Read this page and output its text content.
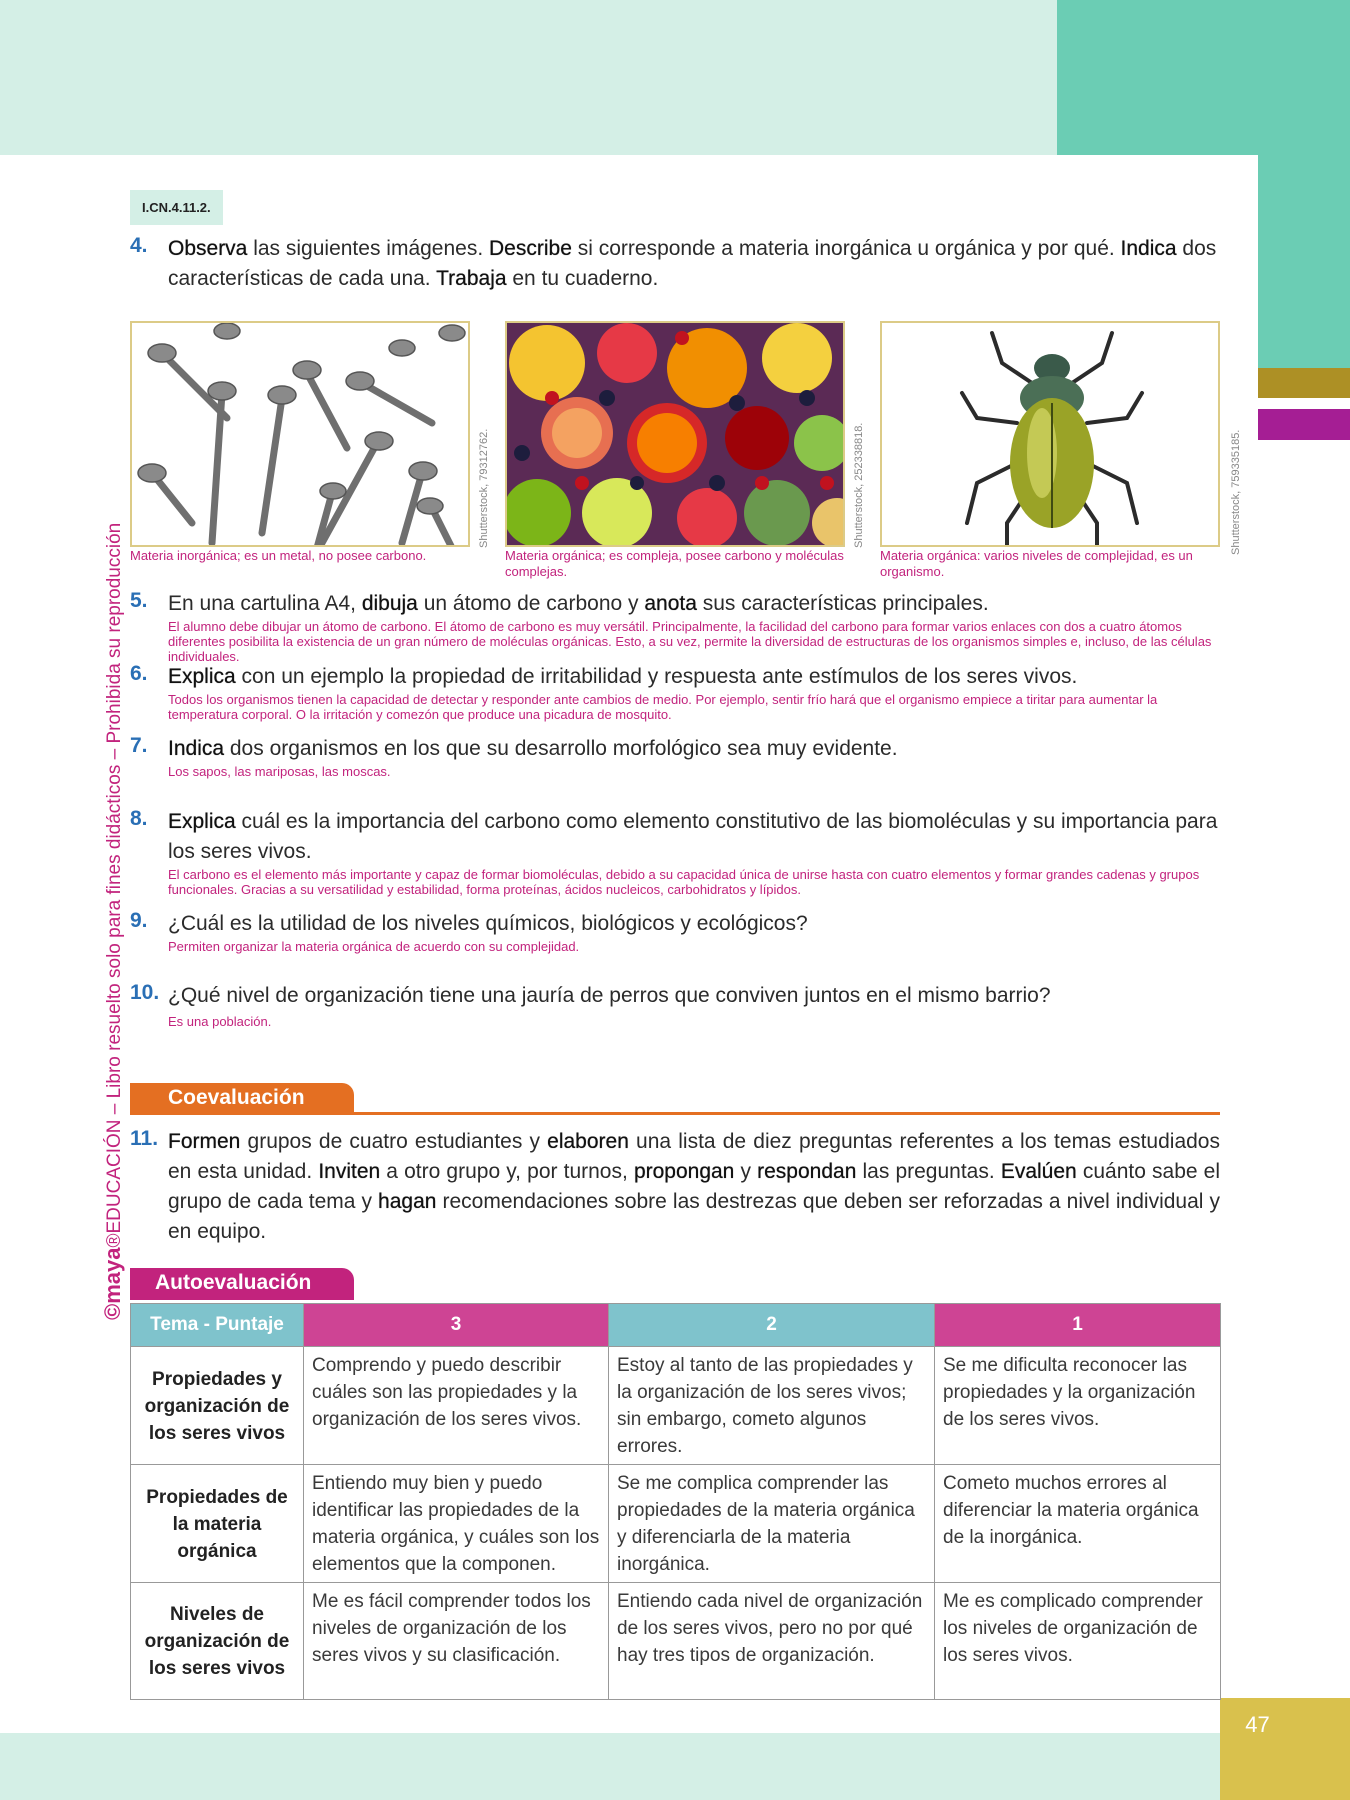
47
©maya®EDUCACIÓN – Libro resuelto solo para fines didácticos – Prohibida su reproducción
I.CN.4.11.2.
4. Observa las siguientes imágenes. Describe si corresponde a materia inorgánica u orgánica y por qué. Indica dos características de cada una. Trabaja en tu cuaderno.
Shutterstock, 79312762.
Materia inorgánica; es un metal, no posee carbono.
Shutterstock, 252338818.
Materia orgánica; es compleja, posee carbono y moléculas complejas.
Shutterstock, 759335185.
Materia orgánica: varios niveles de complejidad, es un organismo.
5. En una cartulina A4, dibuja un átomo de carbono y anota sus características principales.
El alumno debe dibujar un átomo de carbono. El átomo de carbono es muy versátil. Principalmente, la facilidad del carbono para formar varios enlaces con dos a cuatro átomos diferentes posibilita la existencia de un gran número de moléculas orgánicas. Esto, a su vez, permite la diversidad de estructuras de los organismos simples e, incluso, de las células individuales.
6. Explica con un ejemplo la propiedad de irritabilidad y respuesta ante estímulos de los seres vivos.
Todos los organismos tienen la capacidad de detectar y responder ante cambios de medio. Por ejemplo, sentir frío hará que el organismo empiece a tiritar para aumentar la temperatura corporal. O la irritación y comezón que produce una picadura de mosquito.
7. Indica dos organismos en los que su desarrollo morfológico sea muy evidente.
Los sapos, las mariposas, las moscas.
8. Explica cuál es la importancia del carbono como elemento constitutivo de las biomoléculas y su importancia para los seres vivos.
El carbono es el elemento más importante y capaz de formar biomoléculas, debido a su capacidad única de unirse hasta con cuatro elementos y formar grandes cadenas y grupos funcionales. Gracias a su versatilidad y estabilidad, forma proteínas, ácidos nucleicos, carbohidratos y lípidos.
9. ¿Cuál es la utilidad de los niveles químicos, biológicos y ecológicos?
Permiten organizar la materia orgánica de acuerdo con su complejidad.
10. ¿Qué nivel de organización tiene una jauría de perros que conviven juntos en el mismo barrio?
Es una población.
Coevaluación
11. Formen grupos de cuatro estudiantes y elaboren una lista de diez preguntas referentes a los temas estudiados en esta unidad. Inviten a otro grupo y, por turnos, propongan y respondan las preguntas. Evalúen cuánto sabe el grupo de cada tema y hagan recomendaciones sobre las destrezas que deben ser reforzadas a nivel individual y en equipo.
Autoevaluación
Tema - Puntaje	3	2	1
Propiedades y organización de los seres vivos	Comprendo y puedo describir cuáles son las propiedades y la organización de los seres vivos.	Estoy al tanto de las propiedades y la organización de los seres vivos; sin embargo, cometo algunos errores.	Se me dificulta reconocer las propiedades y la organización de los seres vivos.
Propiedades de la materia orgánica	Entiendo muy bien y puedo identificar las propiedades de la materia orgánica, y cuáles son los elementos que la componen.	Se me complica comprender las propiedades de la materia orgánica y diferenciarla de la materia inorgánica.	Cometo muchos errores al diferenciar la materia orgánica de la inorgánica.
Niveles de organización de los seres vivos	Me es fácil comprender todos los niveles de organización de los seres vivos y su clasificación.	Entiendo cada nivel de organización de los seres vivos, pero no por qué hay tres tipos de organización.	Me es complicado comprender los niveles de organización de los seres vivos.
